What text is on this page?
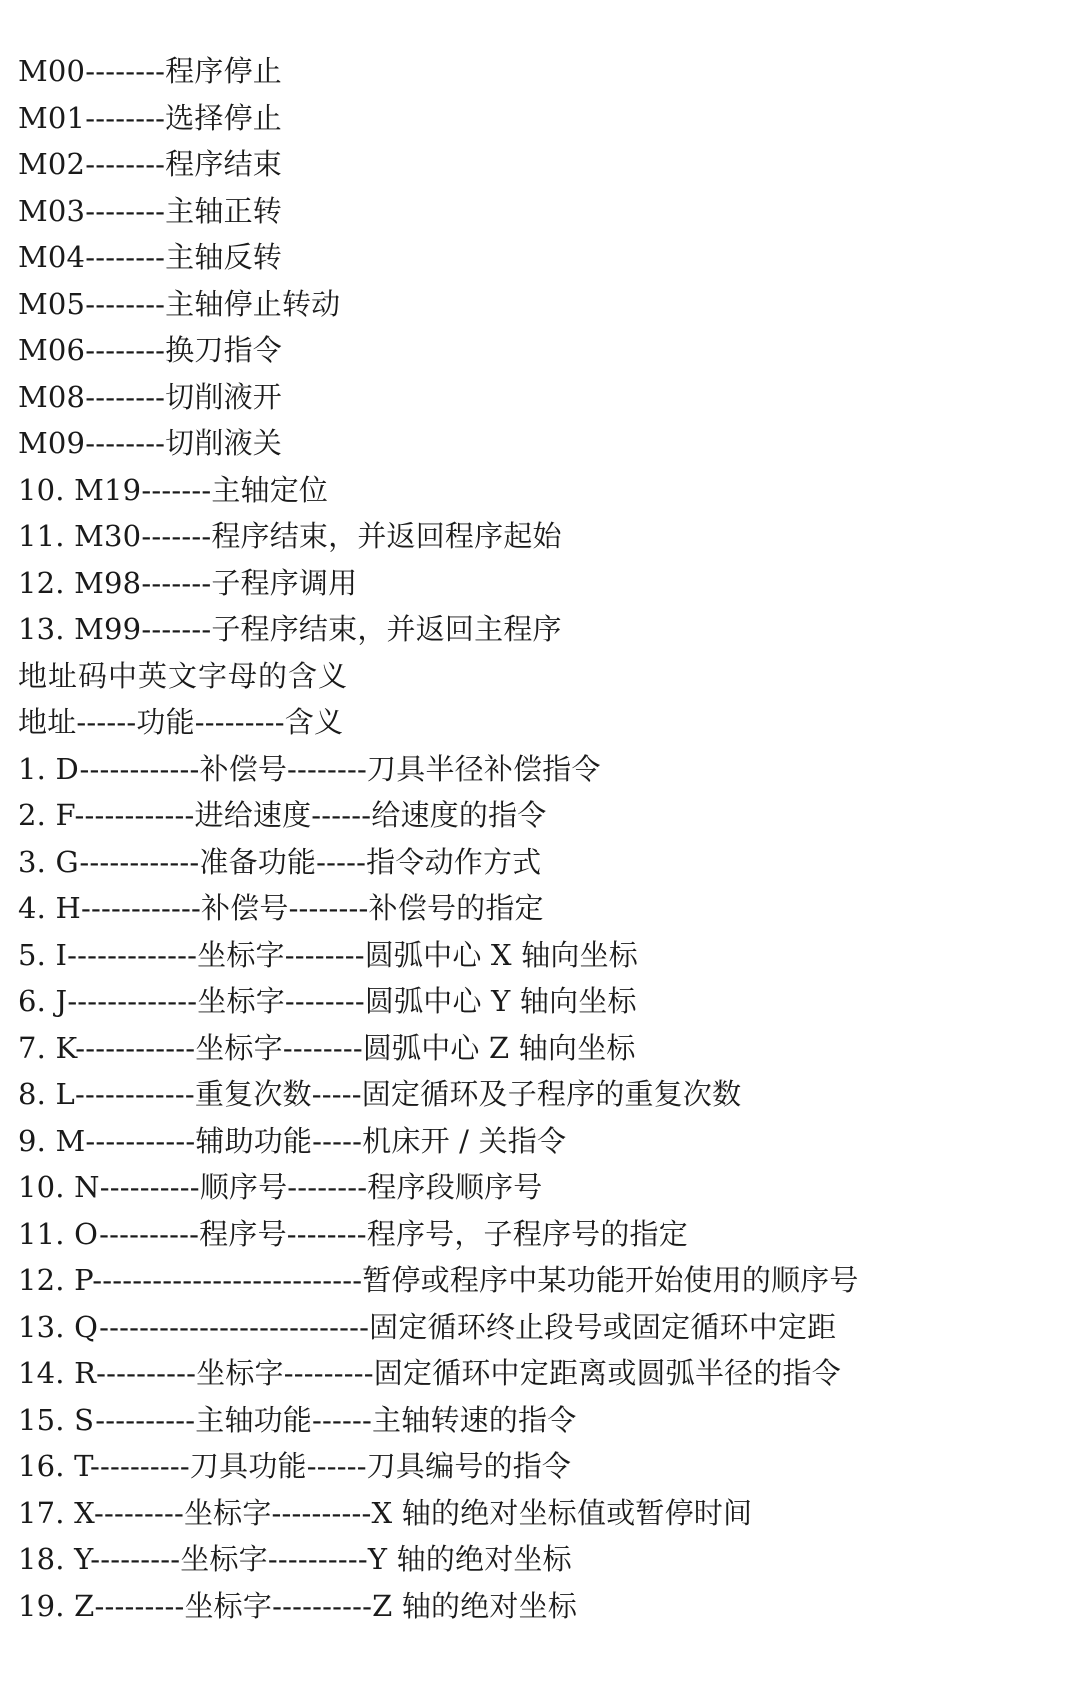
M00--------程序停止
M01--------选择停止
M02--------程序结束
M03--------主轴正转
M04--------主轴反转
M05--------主轴停止转动
M06--------换刀指令
M08--------切削液开
M09--------切削液关
10. M19-------主轴定位
11. M30-------程序结束，并返回程序起始
12. M98-------子程序调用
13. M99-------子程序结束，并返回主程序
地址码中英文字母的含义
地址------功能---------含义
1. D------------补偿号--------刀具半径补偿指令
2. F------------进给速度------给速度的指令
3. G------------准备功能-----指令动作方式
4. H------------补偿号--------补偿号的指定
5. I-------------坐标字--------圆弧中心 X 轴向坐标
6. J-------------坐标字--------圆弧中心 Y 轴向坐标
7. K------------坐标字--------圆弧中心 Z 轴向坐标
8. L------------重复次数-----固定循环及子程序的重复次数
9. M-----------辅助功能-----机床开 / 关指令
10. N----------顺序号--------程序段顺序号
11. O----------程序号--------程序号，子程序号的指定
12. P---------------------------暂停或程序中某功能开始使用的顺序号
13. Q---------------------------固定循环终止段号或固定循环中定距
14. R----------坐标字---------固定循环中定距离或圆弧半径的指令
15. S----------主轴功能------主轴转速的指令
16. T----------刀具功能------刀具编号的指令
17. X---------坐标字----------X 轴的绝对坐标值或暂停时间
18. Y---------坐标字----------Y 轴的绝对坐标
19. Z---------坐标字----------Z 轴的绝对坐标
